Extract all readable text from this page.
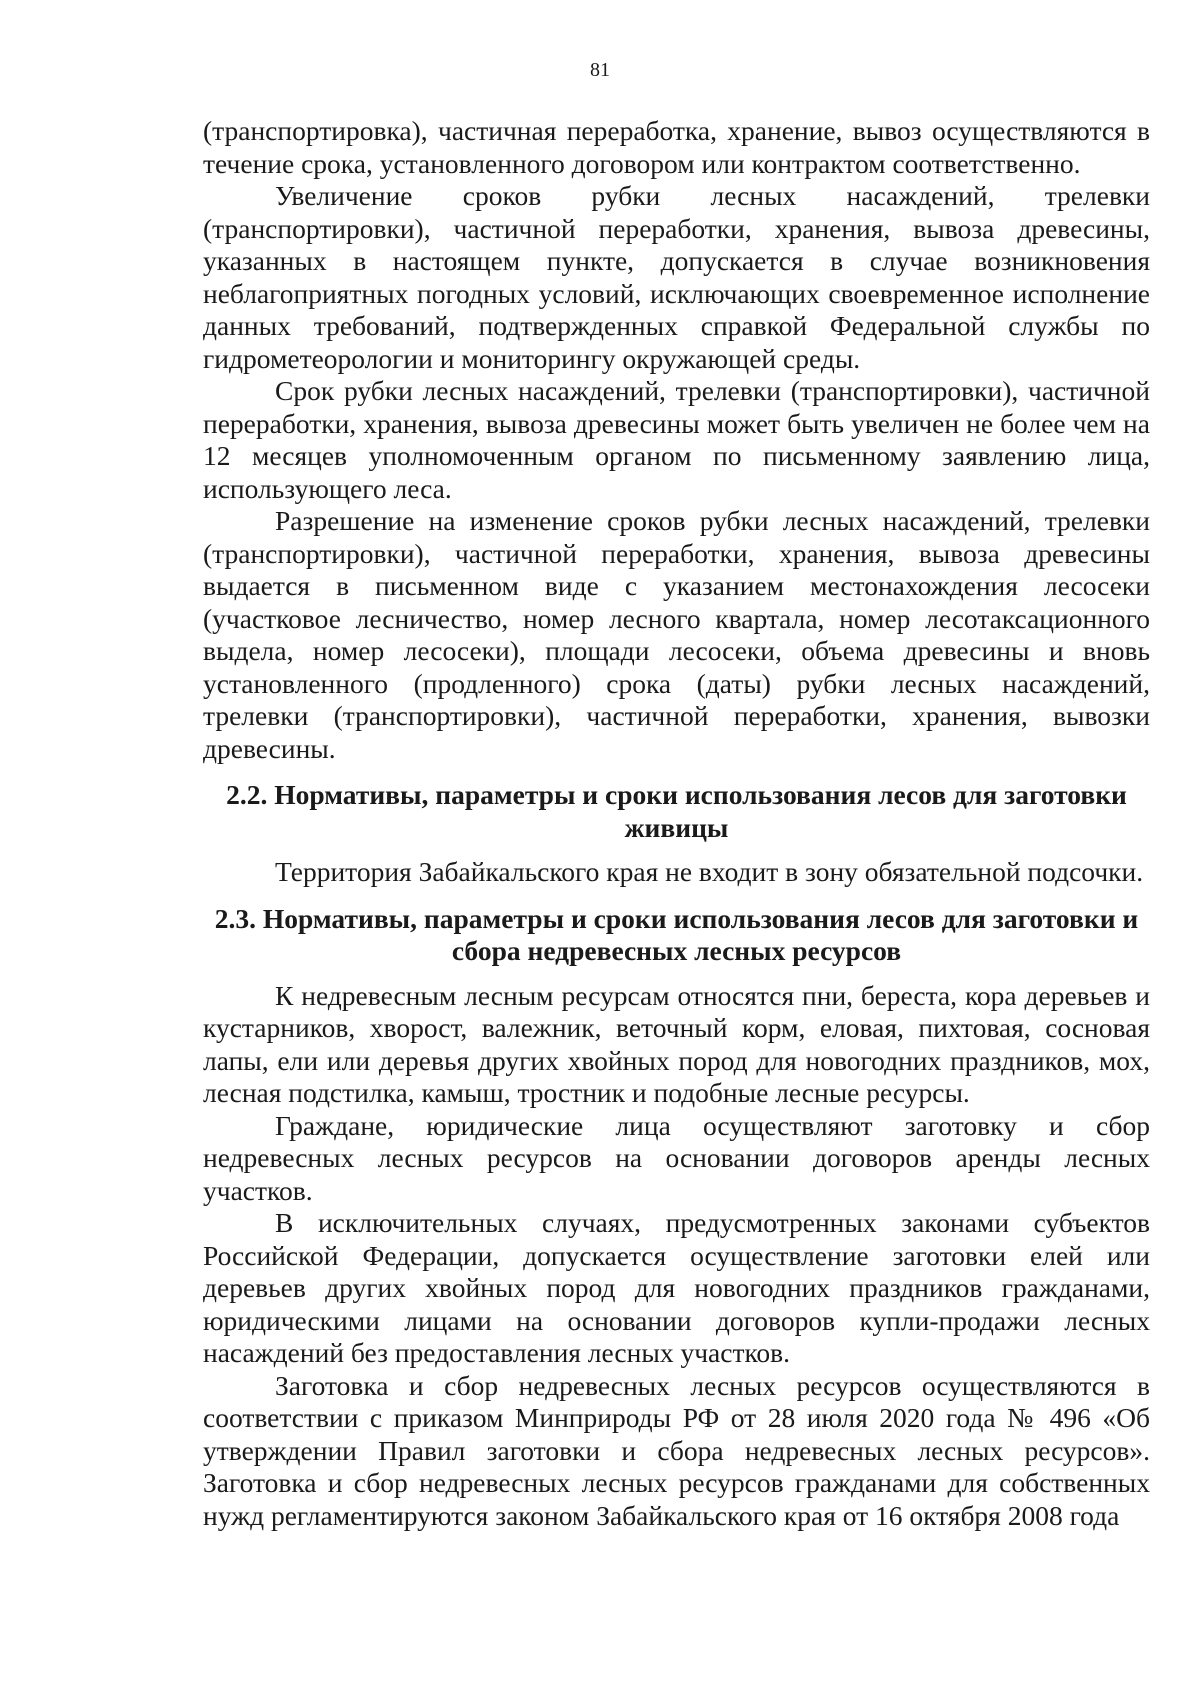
81

(транспортировка), частичная переработка, хранение, вывоз осуществляются в течение срока, установленного договором или контрактом соответственно.

Увеличение сроков рубки лесных насаждений, трелевки (транспортировки), частичной переработки, хранения, вывоза древесины, указанных в настоящем пункте, допускается в случае возникновения неблагоприятных погодных условий, исключающих своевременное исполнение данных требований, подтвержденных справкой Федеральной службы по гидрометеорологии и мониторингу окружающей среды.

Срок рубки лесных насаждений, трелевки (транспортировки), частичной переработки, хранения, вывоза древесины может быть увеличен не более чем на 12 месяцев уполномоченным органом по письменному заявлению лица, использующего леса.

Разрешение на изменение сроков рубки лесных насаждений, трелевки (транспортировки), частичной переработки, хранения, вывоза древесины выдается в письменном виде с указанием местонахождения лесосеки (участковое лесничество, номер лесного квартала, номер лесотаксационного выдела, номер лесосеки), площади лесосеки, объема древесины и вновь установленного (продленного) срока (даты) рубки лесных насаждений, трелевки (транспортировки), частичной переработки, хранения, вывозки древесины.

2.2. Нормативы, параметры и сроки использования лесов для заготовки живицы

Территория Забайкальского края не входит в зону обязательной подсочки.

2.3. Нормативы, параметры и сроки использования лесов для заготовки и сбора недревесных лесных ресурсов

К недревесным лесным ресурсам относятся пни, береста, кора деревьев и кустарников, хворост, валежник, веточный корм, еловая, пихтовая, сосновая лапы, ели или деревья других хвойных пород для новогодних праздников, мох, лесная подстилка, камыш, тростник и подобные лесные ресурсы.

Граждане, юридические лица осуществляют заготовку и сбор недревесных лесных ресурсов на основании договоров аренды лесных участков.

В исключительных случаях, предусмотренных законами субъектов Российской Федерации, допускается осуществление заготовки елей или деревьев других хвойных пород для новогодних праздников гражданами, юридическими лицами на основании договоров купли-продажи лесных насаждений без предоставления лесных участков.

Заготовка и сбор недревесных лесных ресурсов осуществляются в соответствии с приказом Минприроды РФ от 28 июля 2020 года № 496 «Об утверждении Правил заготовки и сбора недревесных лесных ресурсов». Заготовка и сбор недревесных лесных ресурсов гражданами для собственных нужд регламентируются законом Забайкальского края от 16 октября 2008 года
